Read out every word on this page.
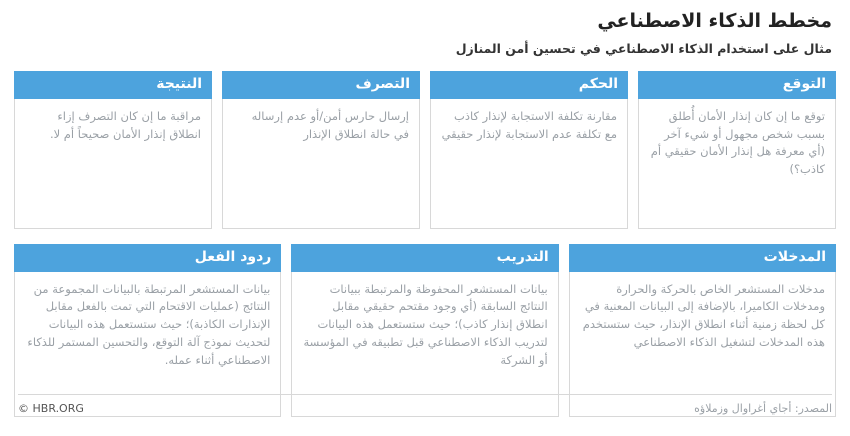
مخطط الذكاء الاصطناعي
مثال على استخدام الذكاء الاصطناعي في تحسين أمن المنازل
التوقع
توقع ما إن كان إنذار الأمان أُطلق بسبب شخص مجهول أو شيء آخر (أي معرفة هل إنذار الأمان حقيقي أم كاذب؟)
الحكم
مقارنة تكلفة الاستجابة لإنذار كاذب مع تكلفة عدم الاستجابة لإنذار حقيقي
التصرف
إرسال حارس أمن/أو عدم إرساله في حالة انطلاق الإنذار
النتيجة
مراقبة ما إن كان التصرف إزاء انطلاق إنذار الأمان صحيحاً أم لا.
المدخلات
مدخلات المستشعر الخاص بالحركة والحرارة ومدخلات الكاميرا، بالإضافة إلى البيانات المعنية في كل لحظة زمنية أثناء انطلاق الإنذار، حيث ستستخدم هذه المدخلات لتشغيل الذكاء الاصطناعي
التدريب
بيانات المستشعر المحفوظة والمرتبطة ببيانات النتائج السابقة (أي وجود مقتحم حقيقي مقابل انطلاق إنذار كاذب)؛ حيث ستستعمل هذه البيانات لتدريب الذكاء الاصطناعي قبل تطبيقه في المؤسسة أو الشركة
ردود الفعل
بيانات المستشعر المرتبطة بالبيانات المجموعة من النتائج (عمليات الاقتحام التي تمت بالفعل مقابل الإنذارات الكاذبة)؛ حيث ستستعمل هذه البيانات لتحديث نموذج آلة التوقع، والتحسين المستمر للذكاء الاصطناعي أثناء عمله.
المصدر: أجاي أغراوال وزملاؤه
© HBR.ORG
